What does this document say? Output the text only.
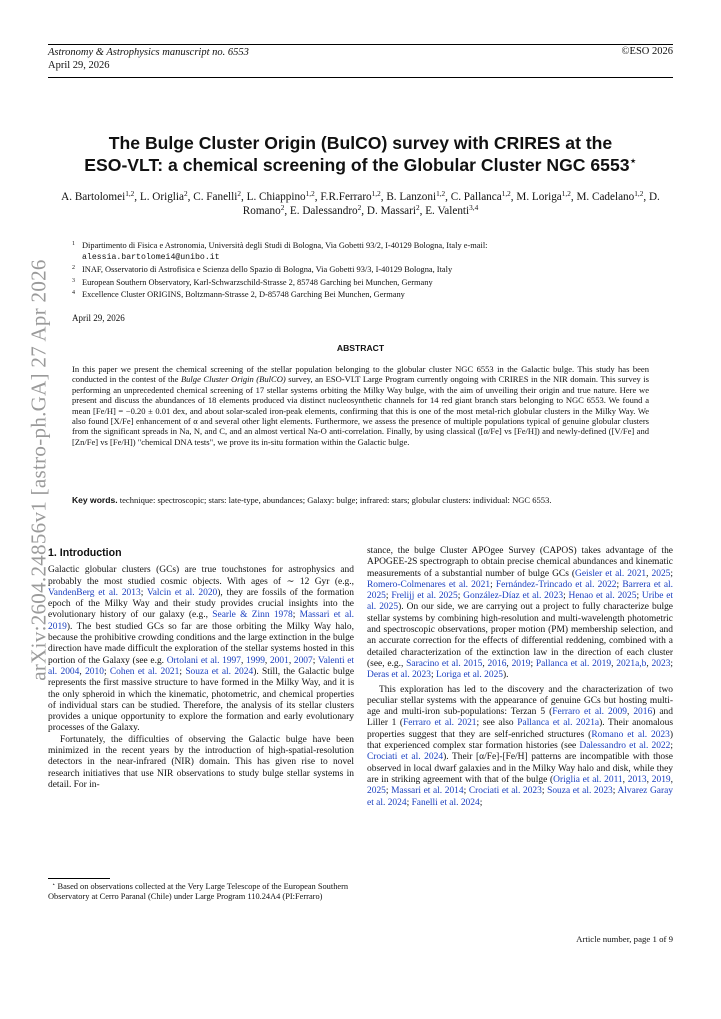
Astronomy & Astrophysics manuscript no. 6553
April 29, 2026
©ESO 2026
arXiv:2604.24856v1 [astro-ph.GA] 27 Apr 2026
The Bulge Cluster Origin (BulCO) survey with CRIRES at the
ESO-VLT: a chemical screening of the Globular Cluster NGC 6553⋆
A. Bartolomei$^{1,2}$, L. Origlia$^2$, C. Fanelli$^2$, L. Chiappino$^{1,2}$, F.R.Ferraro$^{1,2}$, B. Lanzoni$^{1,2}$, C. Pallanca$^{1,2}$, M. Loriga$^{1,2}$, M. Cadelano$^{1,2}$, D. Romano$^2$, E. Dalessandro$^2$, D. Massari$^2$, E. Valenti$^{3,4}$
1 Dipartimento di Fisica e Astronomia, Università degli Studi di Bologna, Via Gobetti 93/2, I-40129 Bologna, Italy e-mail:
alessia.bartolomei4@unibo.it
2 INAF, Osservatorio di Astrofisica e Scienza dello Spazio di Bologna, Via Gobetti 93/3, I-40129 Bologna, Italy
3 European Southern Observatory, Karl-Schwarzschild-Strasse 2, 85748 Garching bei Munchen, Germany
4 Excellence Cluster ORIGINS, Boltzmann-Strasse 2, D-85748 Garching Bei Munchen, Germany
April 29, 2026
ABSTRACT
In this paper we present the chemical screening of the stellar population belonging to the globular cluster NGC 6553 in the Galactic bulge. This study has been conducted in the contest of the Bulge Cluster Origin (BulCO) survey, an ESO-VLT Large Program currently ongoing with CRIRES in the NIR domain. This survey is performing an unprecedented chemical screening of 17 stellar systems orbiting the Milky Way bulge, with the aim of unveiling their origin and true nature. Here we present and discuss the abundances of 18 elements produced via distinct nucleosynthetic channels for 14 red giant branch stars belonging to NGC 6553. We found a mean [Fe/H] = −0.20 ± 0.01 dex, and about solar-scaled iron-peak elements, confirming that this is one of the most metal-rich globular clusters in the Milky Way. We also found [X/Fe] enhancement of α and several other light elements. Furthermore, we assess the presence of multiple populations typical of genuine globular clusters from the significant spreads in Na, N, and C, and an almost vertical Na-O anti-correlation. Finally, by using classical ([α/Fe] vs [Fe/H]) and newly-defined ([V/Fe] and [Zn/Fe] vs [Fe/H]) "chemical DNA tests", we prove its in-situ formation within the Galactic bulge.
Key words. technique: spectroscopic; stars: late-type, abundances; Galaxy: bulge; infrared: stars; globular clusters: individual: NGC 6553.
1. Introduction

Galactic globular clusters (GCs) are true touchstones for astrophysics and probably the most studied cosmic objects. With ages of ∼ 12 Gyr (e.g., VandenBerg et al. 2013; Valcin et al. 2020), they are fossils of the formation epoch of the Milky Way and their study provides crucial insights into the evolutionary history of our galaxy (e.g., Searle & Zinn 1978; Massari et al. 2019). The best studied GCs so far are those orbiting the Milky Way halo, because the prohibitive crowding conditions and the large extinction in the bulge direction have made difficult the exploration of the stellar systems hosted in this portion of the Galaxy (see e.g. Ortolani et al. 1997, 1999, 2001, 2007; Valenti et al. 2004, 2010; Cohen et al. 2021; Souza et al. 2024). Still, the Galactic bulge represents the first massive structure to have formed in the Milky Way, and it is the only spheroid in which the kinematic, photometric, and chemical properties of individual stars can be studied. Therefore, the analysis of its stellar clusters provides a unique opportunity to explore the formation and early evolutionary processes of the Galaxy.

Fortunately, the difficulties of observing the Galactic bulge have been minimized in the recent years by the introduction of high-spatial-resolution detectors in the near-infrared (NIR) domain. This has given rise to novel research initiatives that use NIR observations to study bulge stellar systems in detail. For in-

stance, the bulge Cluster APOgee Survey (CAPOS) takes advantage of the APOGEE-2S spectrograph to obtain precise chemical abundances and kinematic measurements of a substantial number of bulge GCs (Geisler et al. 2021, 2025; Romero-Colmenares et al. 2021; Fernández-Trincado et al. 2022; Barrera et al. 2025; Frelijj et al. 2025; González-Díaz et al. 2023; Henao et al. 2025; Uribe et al. 2025). On our side, we are carrying out a project to fully characterize bulge stellar systems by combining high-resolution and multi-wavelength photometric and spectroscopic observations, proper motion (PM) membership selection, and an accurate correction for the effects of differential reddening, combined with a detailed characterization of the extinction law in the direction of each cluster (see, e.g., Saracino et al. 2015, 2016, 2019; Pallanca et al. 2019, 2021a,b, 2023; Deras et al. 2023; Loriga et al. 2025).

This exploration has led to the discovery and the characterization of two peculiar stellar systems with the appearance of genuine GCs but hosting multi-age and multi-iron sub-populations: Terzan 5 (Ferraro et al. 2009, 2016) and Liller 1 (Ferraro et al. 2021; see also Pallanca et al. 2021a). Their anomalous properties suggest that they are self-enriched structures (Romano et al. 2023) that experienced complex star formation histories (see Dalessandro et al. 2022; Crociati et al. 2024). Their [α/Fe]-[Fe/H] patterns are incompatible with those observed in local dwarf galaxies and in the Milky Way halo and disk, while they are in striking agreement with that of the bulge (Origlia et al. 2011, 2013, 2019, 2025; Massari et al. 2014; Crociati et al. 2023; Souza et al. 2023; Alvarez Garay et al. 2024; Fanelli et al. 2024;

⋆ Based on observations collected at the Very Large Telescope of the European Southern Observatory at Cerro Paranal (Chile) under Large Program 110.24A4 (PI:Ferraro)
Article number, page 1 of 9
